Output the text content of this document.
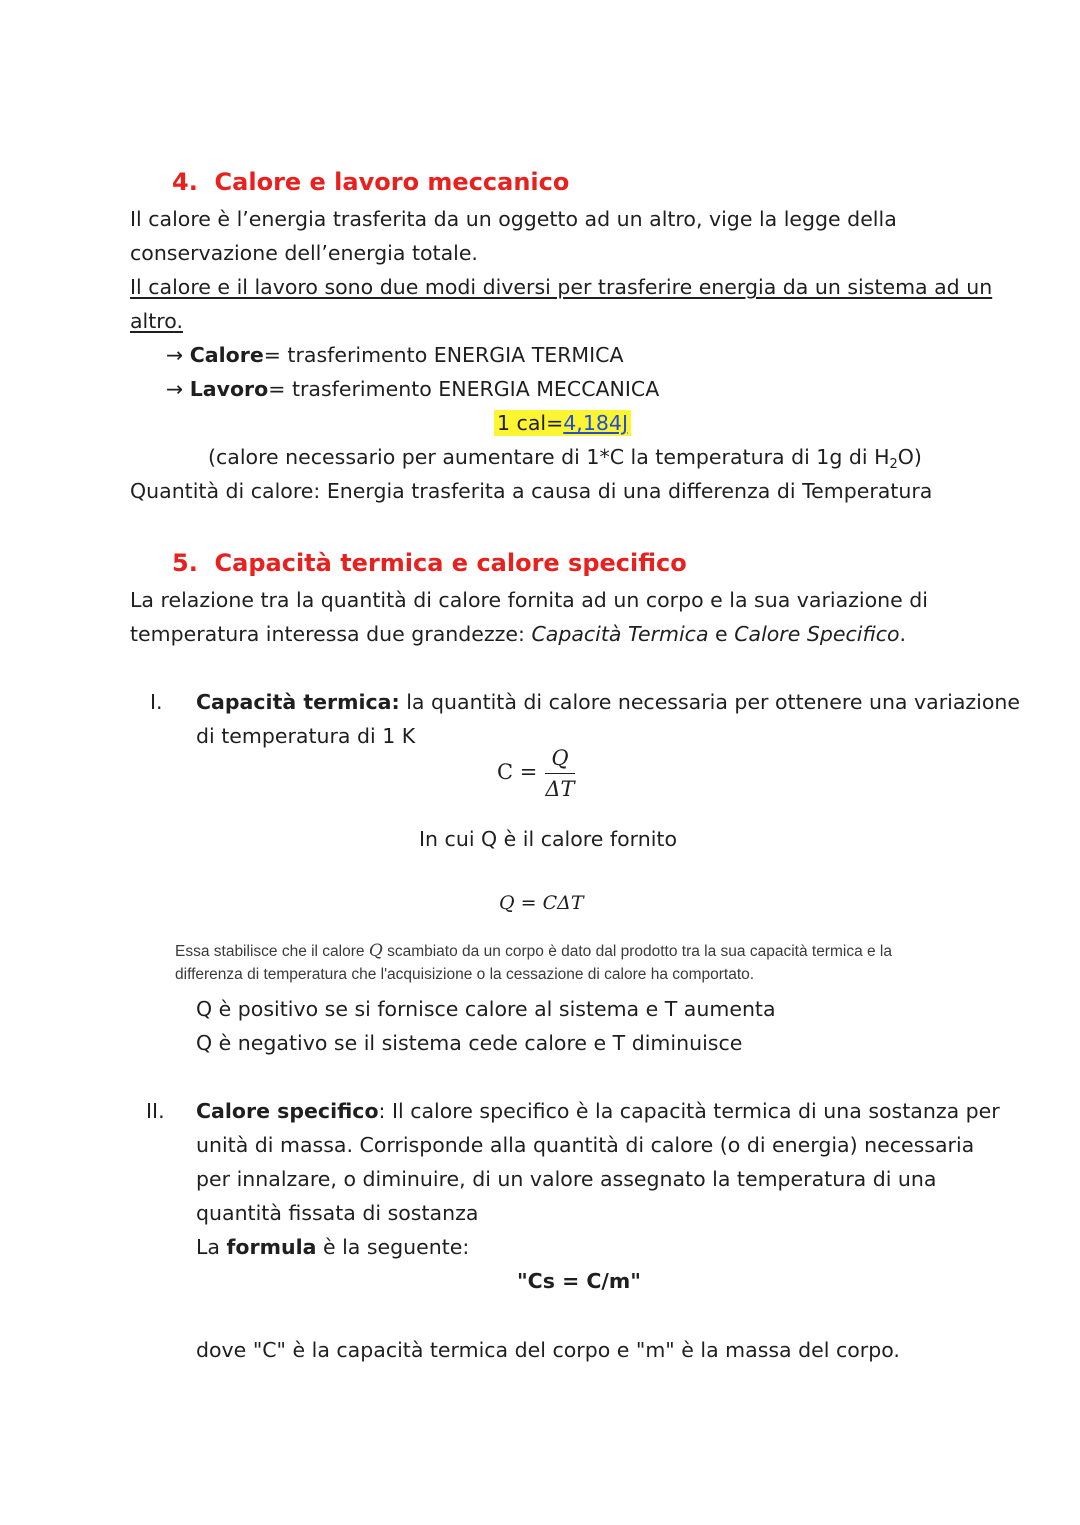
4. Calore e lavoro meccanico
Il calore è l’energia trasferita da un oggetto ad un altro, vige la legge della
conservazione dell’energia totale.
Il calore e il lavoro sono due modi diversi per trasferire energia da un sistema ad un
altro.
→ Calore= trasferimento ENERGIA TERMICA
→ Lavoro= trasferimento ENERGIA MECCANICA
1 cal=4,184J
(calore necessario per aumentare di 1*C la temperatura di 1g di $H_2O$)
Quantità di calore: Energia trasferita a causa di una differenza di Temperatura
5. Capacità termica e calore specifico
La relazione tra la quantità di calore fornita ad un corpo e la sua variazione di
temperatura interessa due grandezze: Capacità Termica e Calore Specifico.
I. Capacità termica: la quantità di calore necessaria per ottenere una variazione
di temperatura di 1 K
$C = \frac{Q}{\Delta T}$
In cui Q è il calore fornito
Q = CΔT
Essa stabilisce che il calore Q scambiato da un corpo è dato dal prodotto tra la sua capacità termica e la
differenza di temperatura che l'acquisizione o la cessazione di calore ha comportato.
Q è positivo se si fornisce calore al sistema e T aumenta
Q è negativo se il sistema cede calore e T diminuisce
II. Calore specifico: Il calore specifico è la capacità termica di una sostanza per
unità di massa. Corrisponde alla quantità di calore (o di energia) necessaria
per innalzare, o diminuire, di un valore assegnato la temperatura di una
quantità fissata di sostanza
La formula è la seguente:
"Cs = C/m"
dove "C" è la capacità termica del corpo e "m" è la massa del corpo.
